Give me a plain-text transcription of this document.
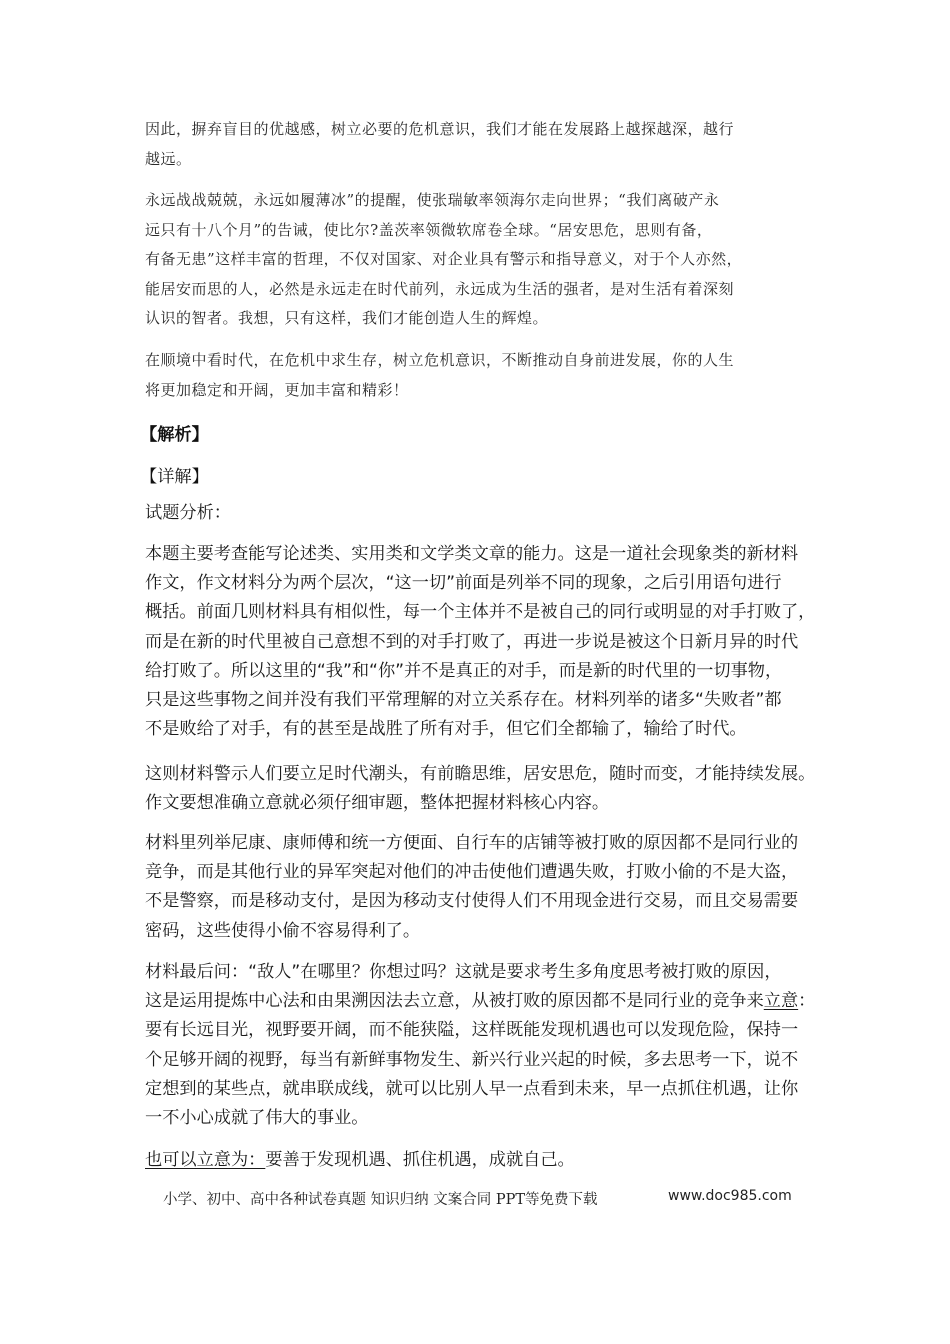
因此，摒弃盲目的优越感，树立必要的危机意识，我们才能在发展路上越探越深，越行
越远。
永远战战兢兢，永远如履薄冰”的提醒，使张瑞敏率领海尔走向世界；“我们离破产永
远只有十八个月”的告诫，使比尔?盖茨率领微软席卷全球。“居安思危，思则有备，
有备无患”这样丰富的哲理，不仅对国家、对企业具有警示和指导意义，对于个人亦然，
能居安而思的人，必然是永远走在时代前列，永远成为生活的强者，是对生活有着深刻
认识的智者。我想，只有这样，我们才能创造人生的辉煌。
在顺境中看时代，在危机中求生存，树立危机意识，不断推动自身前进发展，你的人生
将更加稳定和开阔，更加丰富和精彩！
【解析】
【详解】
试题分析：
本题主要考查能写论述类、实用类和文学类文章的能力。这是一道社会现象类的新材料
作文，作文材料分为两个层次，“这一切”前面是列举不同的现象，之后引用语句进行
概括。前面几则材料具有相似性，每一个主体并不是被自己的同行或明显的对手打败了，
而是在新的时代里被自己意想不到的对手打败了，再进一步说是被这个日新月异的时代
给打败了。所以这里的“我”和“你”并不是真正的对手，而是新的时代里的一切事物，
只是这些事物之间并没有我们平常理解的对立关系存在。材料列举的诸多“失败者”都
不是败给了对手，有的甚至是战胜了所有对手，但它们全都输了，输给了时代。
这则材料警示人们要立足时代潮头，有前瞻思维，居安思危，随时而变，才能持续发展。
作文要想准确立意就必须仔细审题，整体把握材料核心内容。
材料里列举尼康、康师傅和统一方便面、自行车的店铺等被打败的原因都不是同行业的
竞争，而是其他行业的异军突起对他们的冲击使他们遭遇失败，打败小偷的不是大盗，
不是警察，而是移动支付，是因为移动支付使得人们不用现金进行交易，而且交易需要
密码，这些使得小偷不容易得利了。
材料最后问：“敌人”在哪里？你想过吗？这就是要求考生多角度思考被打败的原因，
这是运用提炼中心法和由果溯因法去立意，从被打败的原因都不是同行业的竞争来立意：
要有长远目光，视野要开阔，而不能狭隘，这样既能发现机遇也可以发现危险，保持一
个足够开阔的视野，每当有新鲜事物发生、新兴行业兴起的时候，多去思考一下，说不
定想到的某些点，就串联成线，就可以比别人早一点看到未来，早一点抓住机遇，让你
一不小心成就了伟大的事业。
也可以立意为：要善于发现机遇、抓住机遇，成就自己。
小学、初中、高中各种试卷真题 知识归纳 文案合同 PPT等免费下载	www.doc985.com
